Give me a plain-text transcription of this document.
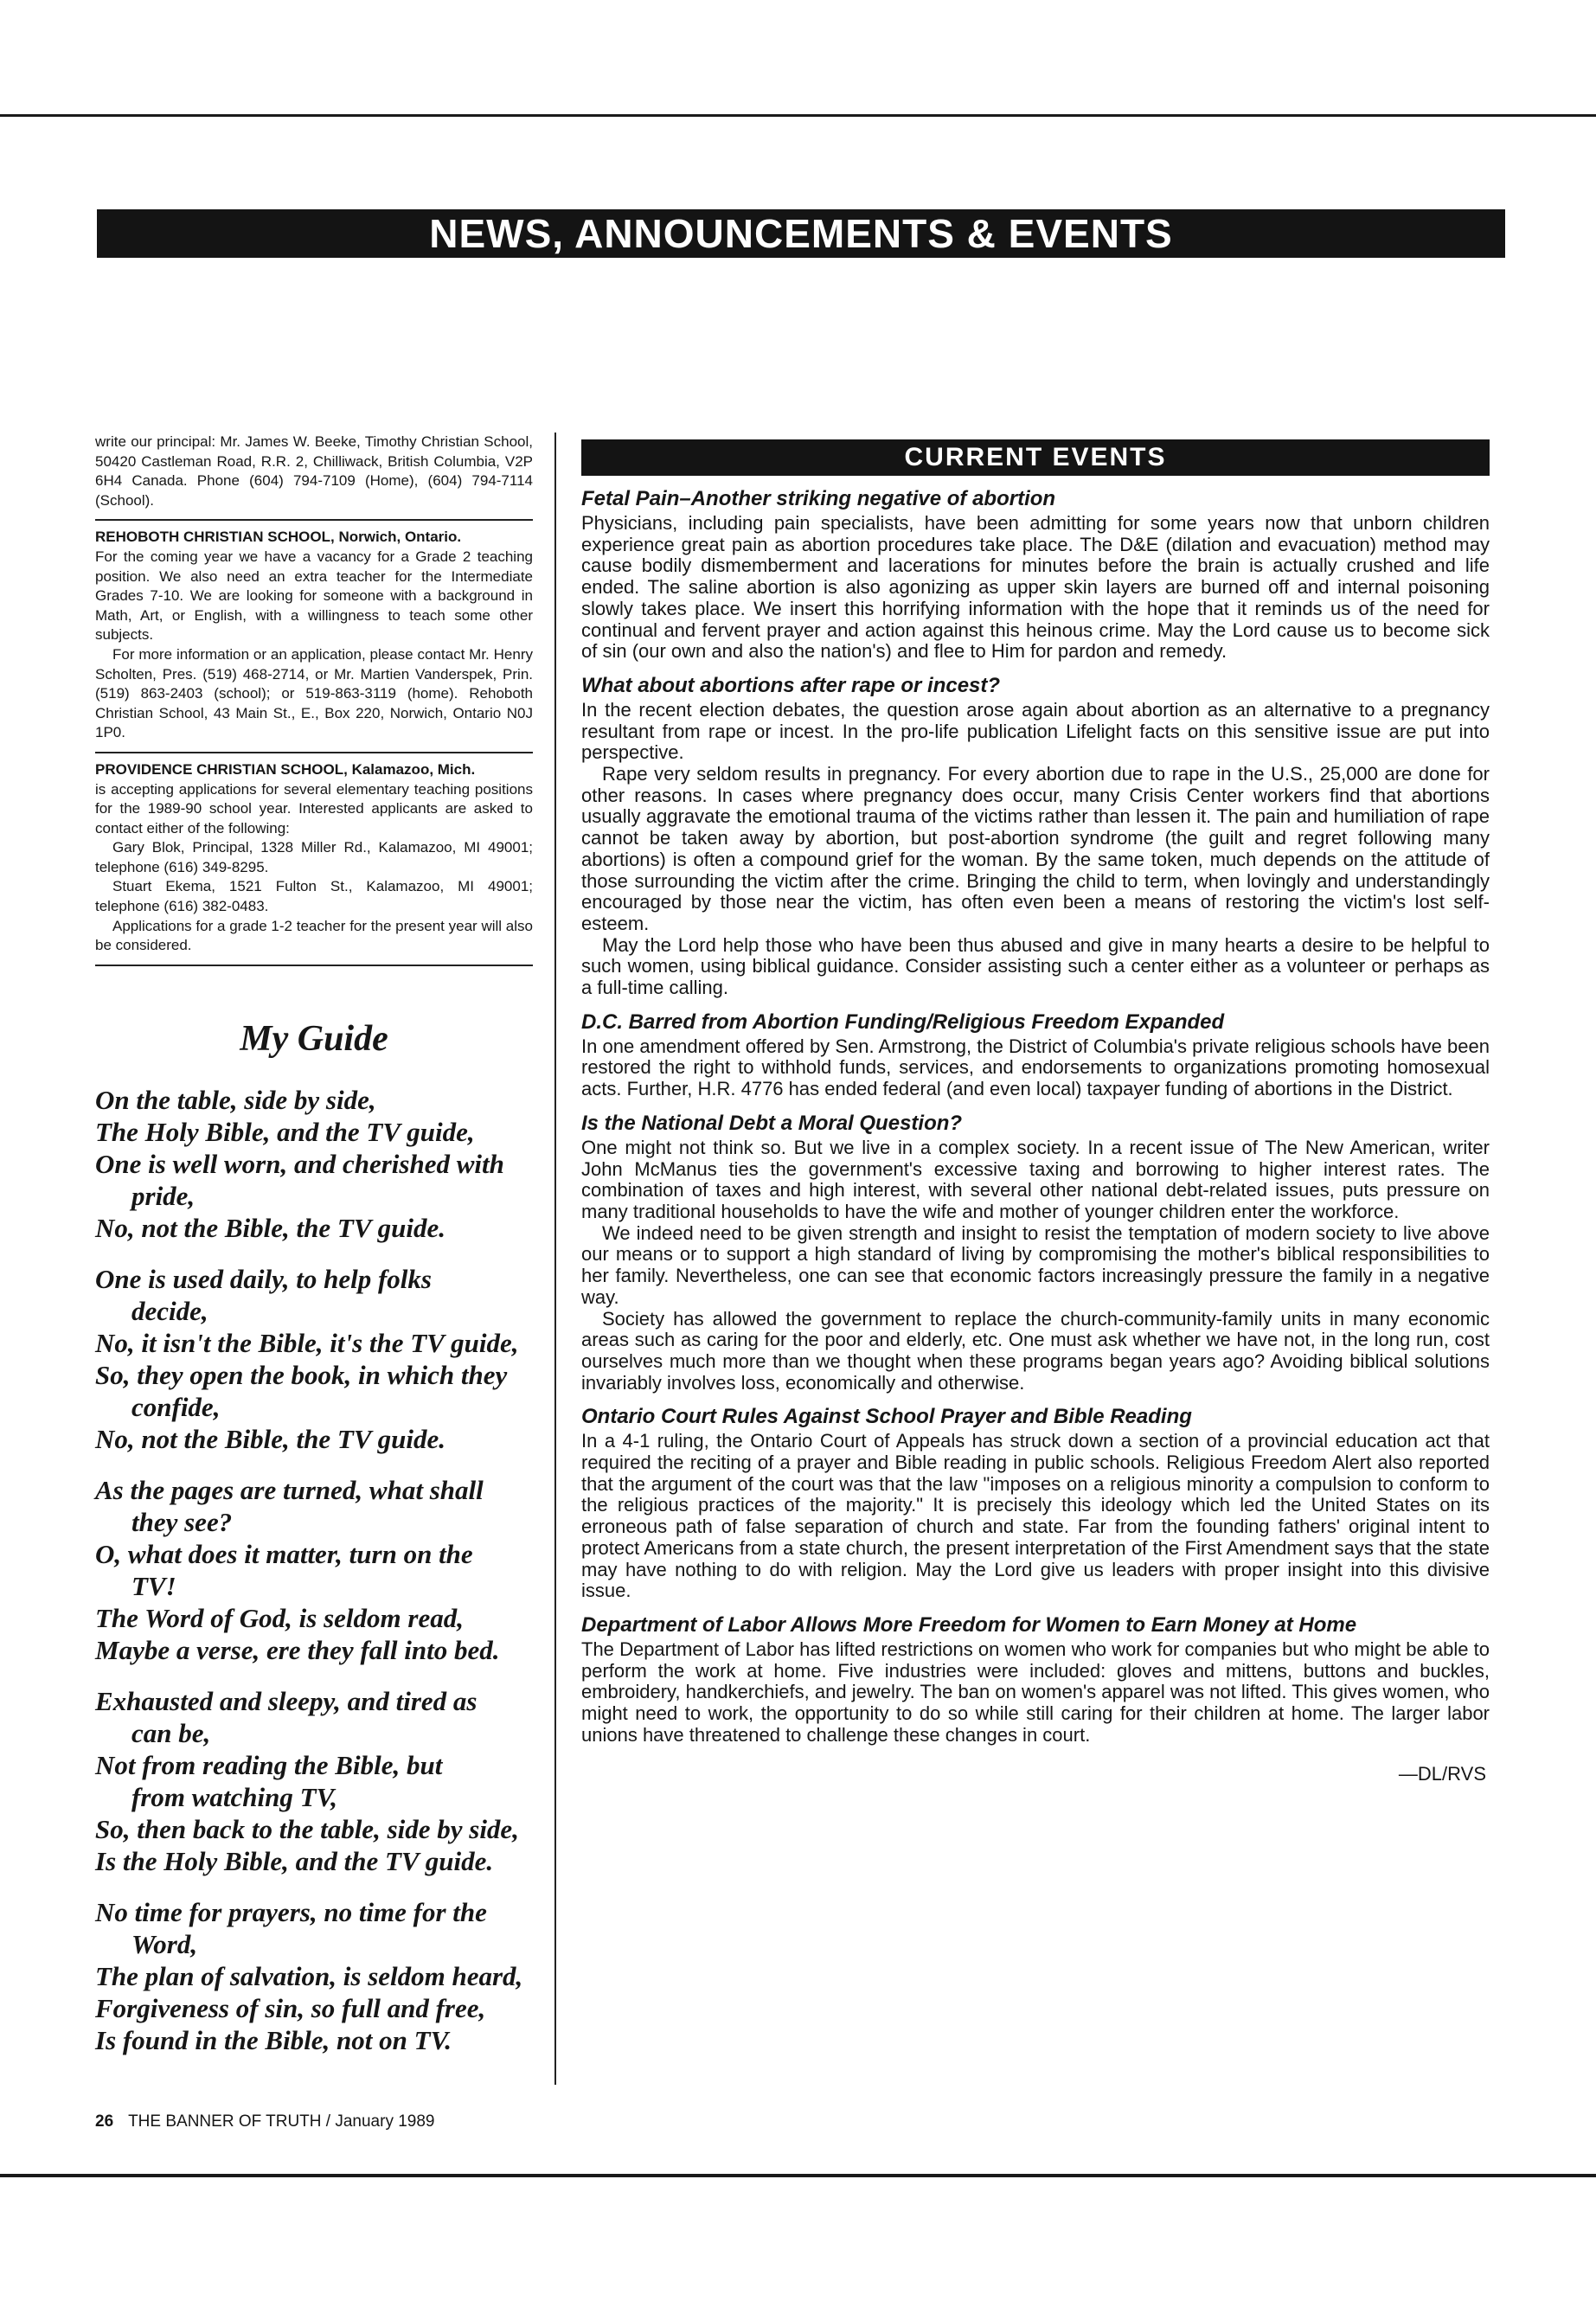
NEWS, ANNOUNCEMENTS & EVENTS

write our principal: Mr. James W. Beeke, Timothy Christian School, 50420 Castleman Road, R.R. 2, Chilliwack, British Columbia, V2P 6H4 Canada. Phone (604) 794-7109 (Home), (604) 794-7114 (School).

REHOBOTH CHRISTIAN SCHOOL, Norwich, Ontario.
For the coming year we have a vacancy for a Grade 2 teaching position. We also need an extra teacher for the Intermediate Grades 7-10. We are looking for someone with a background in Math, Art, or English, with a willingness to teach some other subjects.
For more information or an application, please contact Mr. Henry Scholten, Pres. (519) 468-2714, or Mr. Martien Vanderspek, Prin. (519) 863-2403 (school); or 519-863-3119 (home). Rehoboth Christian School, 43 Main St., E., Box 220, Norwich, Ontario N0J 1P0.

PROVIDENCE CHRISTIAN SCHOOL, Kalamazoo, Mich.
is accepting applications for several elementary teaching positions for the 1989-90 school year. Interested applicants are asked to contact either of the following:
Gary Blok, Principal, 1328 Miller Rd., Kalamazoo, MI 49001; telephone (616) 349-8295.
Stuart Ekema, 1521 Fulton St., Kalamazoo, MI 49001; telephone (616) 382-0483.
Applications for a grade 1-2 teacher for the present year will also be considered.

My Guide

On the table, side by side,

The Holy Bible, and the TV guide,

One is well worn, and cherished with

pride,

No, not the Bible, the TV guide.

One is used daily, to help folks

decide,

No, it isn't the Bible, it's the TV guide,

So, they open the book, in which they

confide,

No, not the Bible, the TV guide.

As the pages are turned, what shall

they see?

O, what does it matter, turn on the

TV!

The Word of God, is seldom read,

Maybe a verse, ere they fall into bed.

Exhausted and sleepy, and tired as

can be,

Not from reading the Bible, but

from watching TV,

So, then back to the table, side by side,

Is the Holy Bible, and the TV guide.

No time for prayers, no time for the

Word,

The plan of salvation, is seldom heard,

Forgiveness of sin, so full and free,

Is found in the Bible, not on TV.

CURRENT EVENTS
Fetal Pain–Another striking negative of abortion

Physicians, including pain specialists, have been admitting for some years now that unborn children experience great pain as abortion procedures take place. The D&E (dilation and evacuation) method may cause bodily dismemberment and lacerations for minutes before the brain is actually crushed and life ended. The saline abortion is also agonizing as upper skin layers are burned off and internal poisoning slowly takes place. We insert this horrifying information with the hope that it reminds us of the need for continual and fervent prayer and action against this heinous crime. May the Lord cause us to become sick of sin (our own and also the nation's) and flee to Him for pardon and remedy.

What about abortions after rape or incest?

In the recent election debates, the question arose again about abortion as an alternative to a pregnancy resultant from rape or incest. In the pro-life publication Lifelight facts on this sensitive issue are put into perspective.

Rape very seldom results in pregnancy. For every abortion due to rape in the U.S., 25,000 are done for other reasons. In cases where pregnancy does occur, many Crisis Center workers find that abortions usually aggravate the emotional trauma of the victims rather than lessen it. The pain and humiliation of rape cannot be taken away by abortion, but post-abortion syndrome (the guilt and regret following many abortions) is often a compound grief for the woman. By the same token, much depends on the attitude of those surrounding the victim after the crime. Bringing the child to term, when lovingly and understandingly encouraged by those near the victim, has often even been a means of restoring the victim's lost self-esteem.

May the Lord help those who have been thus abused and give in many hearts a desire to be helpful to such women, using biblical guidance. Consider assisting such a center either as a volunteer or perhaps as a full-time calling.

D.C. Barred from Abortion Funding/Religious Freedom Expanded

In one amendment offered by Sen. Armstrong, the District of Columbia's private religious schools have been restored the right to withhold funds, services, and endorsements to organizations promoting homosexual acts. Further, H.R. 4776 has ended federal (and even local) taxpayer funding of abortions in the District.

Is the National Debt a Moral Question?

One might not think so. But we live in a complex society. In a recent issue of The New American, writer John McManus ties the government's excessive taxing and borrowing to higher interest rates. The combination of taxes and high interest, with several other national debt-related issues, puts pressure on many traditional households to have the wife and mother of younger children enter the workforce.

We indeed need to be given strength and insight to resist the temptation of modern society to live above our means or to support a high standard of living by compromising the mother's biblical responsibilities to her family. Nevertheless, one can see that economic factors increasingly pressure the family in a negative way.

Society has allowed the government to replace the church-community-family units in many economic areas such as caring for the poor and elderly, etc. One must ask whether we have not, in the long run, cost ourselves much more than we thought when these programs began years ago? Avoiding biblical solutions invariably involves loss, economically and otherwise.

Ontario Court Rules Against School Prayer and Bible Reading

In a 4-1 ruling, the Ontario Court of Appeals has struck down a section of a provincial education act that required the reciting of a prayer and Bible reading in public schools. Religious Freedom Alert also reported that the argument of the court was that the law "imposes on a religious minority a compulsion to conform to the religious practices of the majority." It is precisely this ideology which led the United States on its erroneous path of false separation of church and state. Far from the founding fathers' original intent to protect Americans from a state church, the present interpretation of the First Amendment says that the state may have nothing to do with religion. May the Lord give us leaders with proper insight into this divisive issue.

Department of Labor Allows More Freedom for Women to Earn Money at Home

The Department of Labor has lifted restrictions on women who work for companies but who might be able to perform the work at home. Five industries were included: gloves and mittens, buttons and buckles, embroidery, handkerchiefs, and jewelry. The ban on women's apparel was not lifted. This gives women, who might need to work, the opportunity to do so while still caring for their children at home. The larger labor unions have threatened to challenge these changes in court.

—DL/RVS
26 THE BANNER OF TRUTH / January 1989
